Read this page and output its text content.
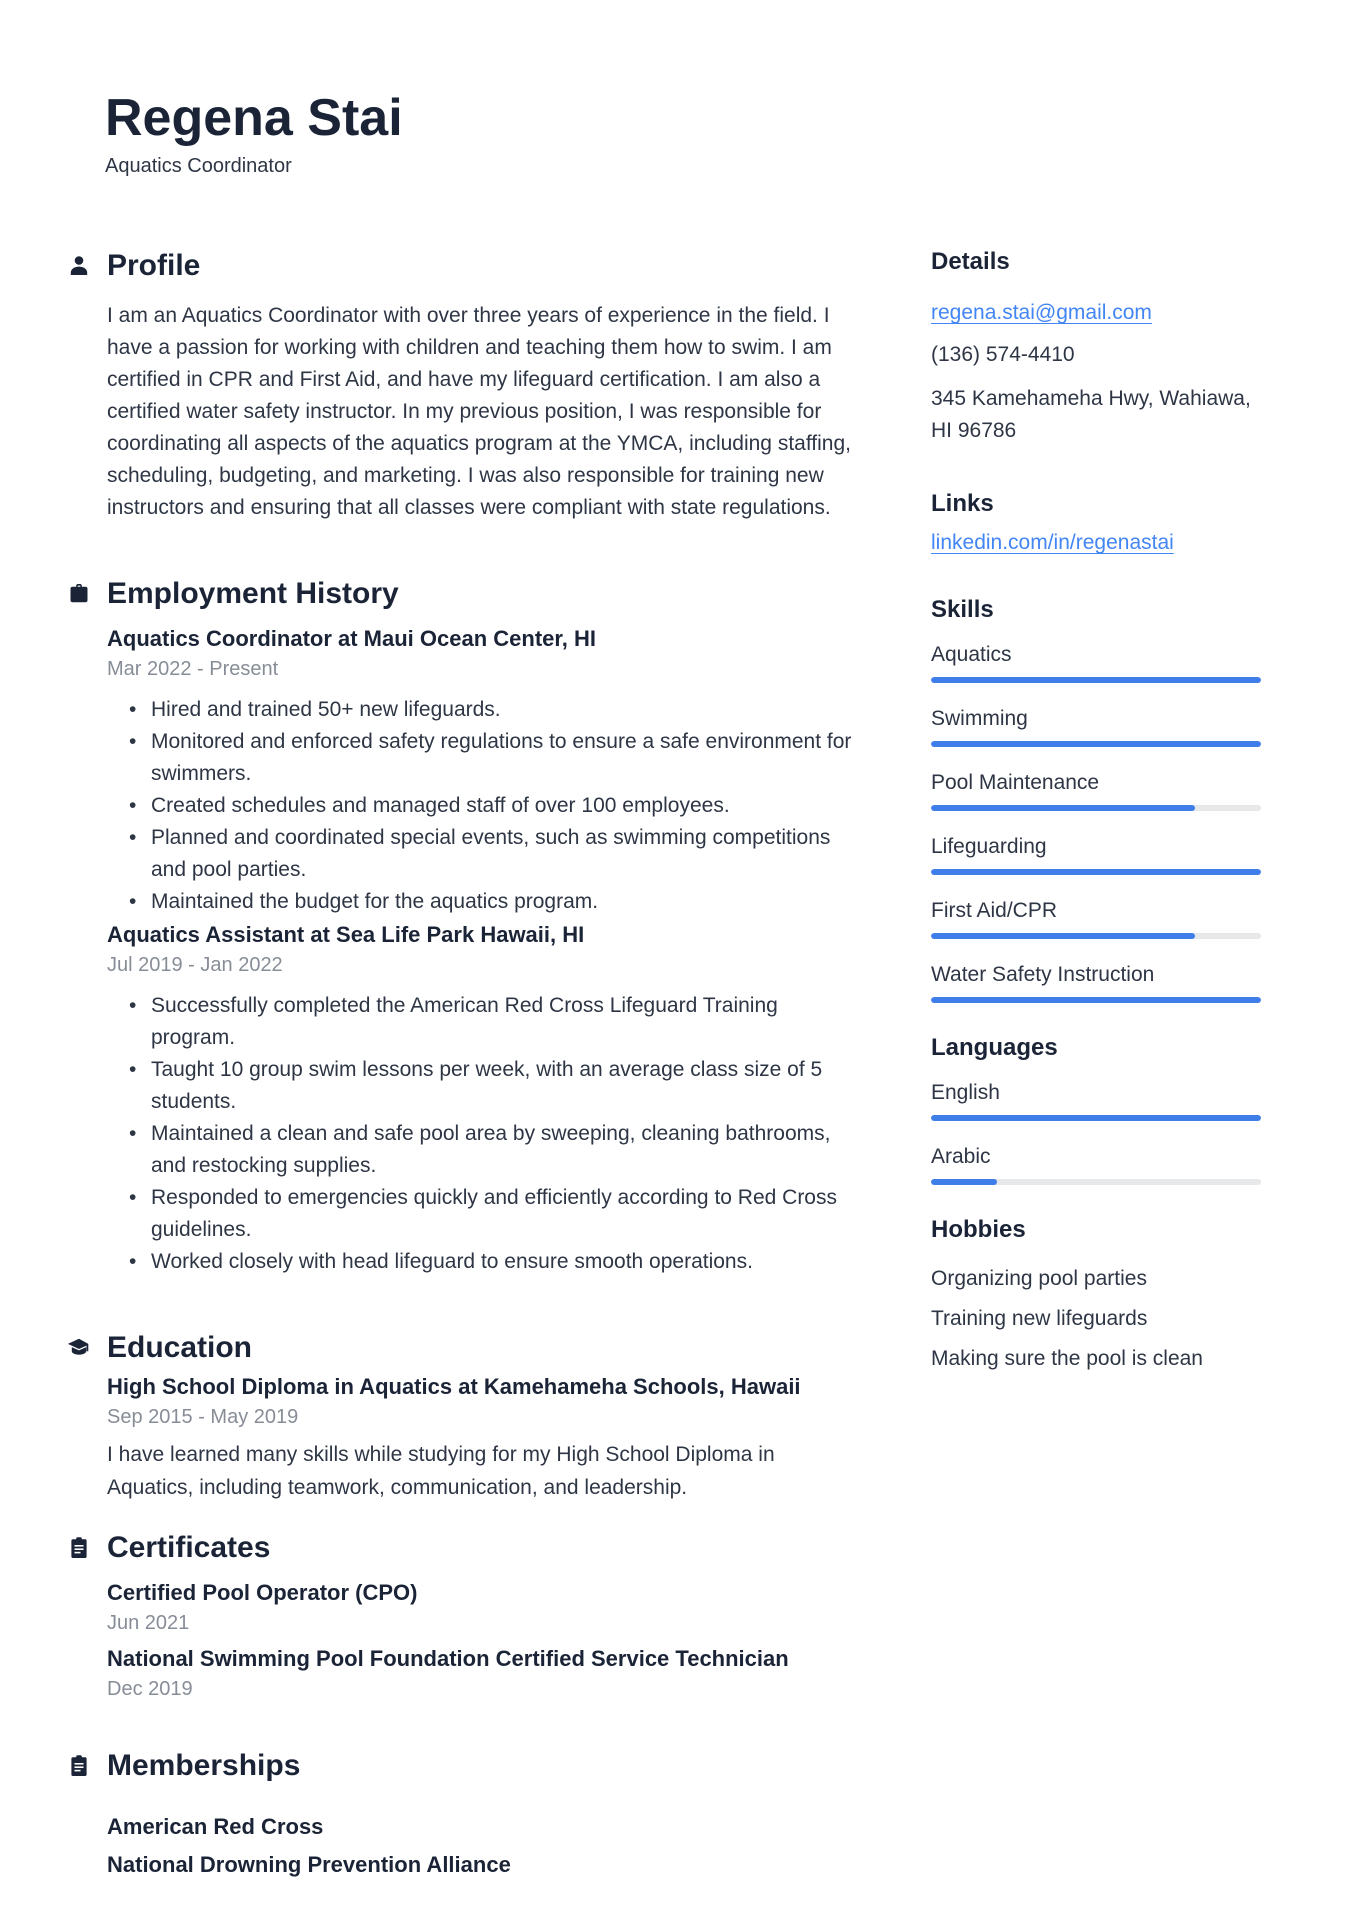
Regena Stai
Aquatics Coordinator
Profile
I am an Aquatics Coordinator with over three years of experience in the field. I have a passion for working with children and teaching them how to swim. I am certified in CPR and First Aid, and have my lifeguard certification. I am also a certified water safety instructor. In my previous position, I was responsible for coordinating all aspects of the aquatics program at the YMCA, including staffing, scheduling, budgeting, and marketing. I was also responsible for training new instructors and ensuring that all classes were compliant with state regulations.
Employment History
Aquatics Coordinator at Maui Ocean Center, HI
Mar 2022 - Present
• Hired and trained 50+ new lifeguards.
• Monitored and enforced safety regulations to ensure a safe environment for swimmers.
• Created schedules and managed staff of over 100 employees.
• Planned and coordinated special events, such as swimming competitions and pool parties.
• Maintained the budget for the aquatics program.
Aquatics Assistant at Sea Life Park Hawaii, HI
Jul 2019 - Jan 2022
• Successfully completed the American Red Cross Lifeguard Training program.
• Taught 10 group swim lessons per week, with an average class size of 5 students.
• Maintained a clean and safe pool area by sweeping, cleaning bathrooms, and restocking supplies.
• Responded to emergencies quickly and efficiently according to Red Cross guidelines.
• Worked closely with head lifeguard to ensure smooth operations.
Education
High School Diploma in Aquatics at Kamehameha Schools, Hawaii
Sep 2015 - May 2019
I have learned many skills while studying for my High School Diploma in Aquatics, including teamwork, communication, and leadership.
Certificates
Certified Pool Operator (CPO)
Jun 2021
National Swimming Pool Foundation Certified Service Technician
Dec 2019
Memberships
American Red Cross
National Drowning Prevention Alliance
Details
regena.stai@gmail.com
(136) 574-4410
345 Kamehameha Hwy, Wahiawa,
HI 96786
Links
linkedin.com/in/regenastai
Skills
Aquatics
Swimming
Pool Maintenance
Lifeguarding
First Aid/CPR
Water Safety Instruction
Languages
English
Arabic
Hobbies
Organizing pool parties
Training new lifeguards
Making sure the pool is clean
